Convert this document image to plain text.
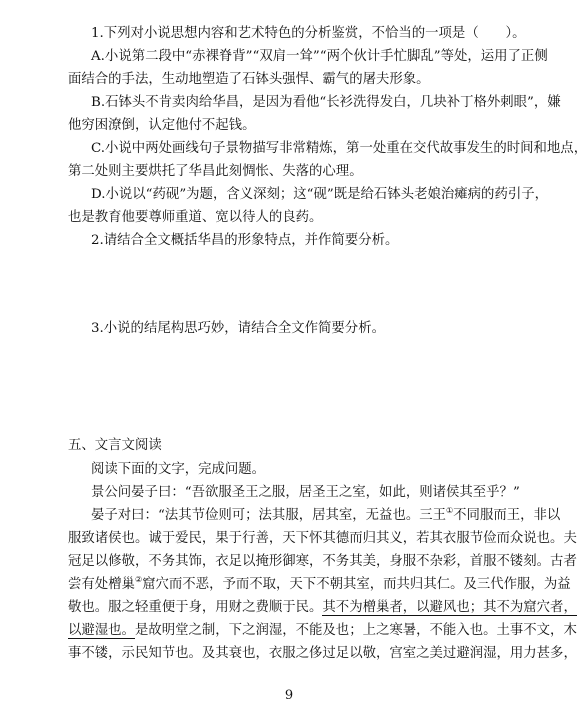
1.下列对小说思想内容和艺术特色的分析鉴赏，不恰当的一项是（　　）。
A.小说第二段中“赤裸脊背”“双肩一耸”“两个伙计手忙脚乱”等处，运用了正侧
面结合的手法，生动地塑造了石钵头强悍、霸气的屠夫形象。
B.石钵头不肯卖肉给华昌，是因为看他“长衫洗得发白，几块补丁格外刺眼”，嫌
他穷困潦倒，认定他付不起钱。
C.小说中两处画线句子景物描写非常精炼，第一处重在交代故事发生的时间和地点，
第二处则主要烘托了华昌此刻惆怅、失落的心理。
D.小说以“药砚”为题，含义深刻；这“砚”既是给石钵头老娘治瘫病的药引子，
也是教育他要尊师重道、宽以待人的良药。
2.请结合全文概括华昌的形象特点，并作简要分析。
3.小说的结尾构思巧妙，请结合全文作简要分析。
五、文言文阅读
阅读下面的文字，完成问题。
景公问晏子曰：“吾欲服圣王之服，居圣王之室，如此，则诸侯其至乎？”
晏子对曰：“法其节俭则可；法其服，居其室，无益也。三王①不同服而王，非以
服致诸侯也。诚于爱民，果于行善，天下怀其德而归其义，若其衣服节俭而众说也。夫
冠足以修敬，不务其饰，衣足以掩形御寒，不务其美，身服不杂彩，首服不镂刻。古者
尝有处橧巢②窟穴而不恶，予而不取，天下不朝其室，而共归其仁。及三代作服，为益
敬也。服之轻重便于身，用财之费顺于民。其不为橧巢者，以避风也；其不为窟穴者，
以避湿也。是故明堂之制，下之润湿，不能及也；上之寒暑，不能入也。土事不文，木
事不镂，示民知节也。及其衰也，衣服之侈过足以敬，宫室之美过避润湿，用力甚多，
9
